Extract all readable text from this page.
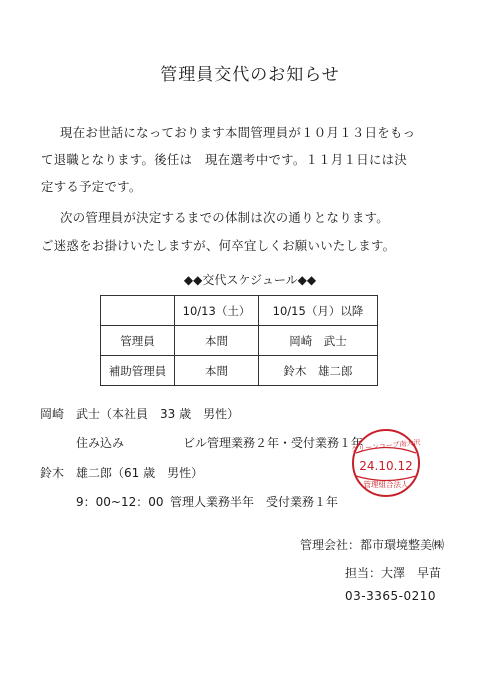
管理員交代のお知らせ
現在お世話になっております本間管理員が１０月１３日をもっ
て退職となります。後任は　現在選考中です。１１月１日には決
定する予定です。
次の管理員が決定するまでの体制は次の通りとなります。
ご迷惑をお掛けいたしますが、何卒宜しくお願いいたします。
◆◆交代スケジュール◆◆
	10/13（土）	10/15（月）以降
管理員	本間	岡崎　武士
補助管理員	本間	鈴木　雄二郎
岡崎　武士（本社員　33 歳　男性）
住み込み	ビル管理業務２年・受付業務１年
鈴木　雄二郎（61 歳　男性）
9：00~12：00 管理人業務半年　受付業務１年
管理会社：都市環境整美㈱
担当：大澤　早苗
03-3365-0210
グリーンコープ南大沢
24.10.12
管理組合法人
